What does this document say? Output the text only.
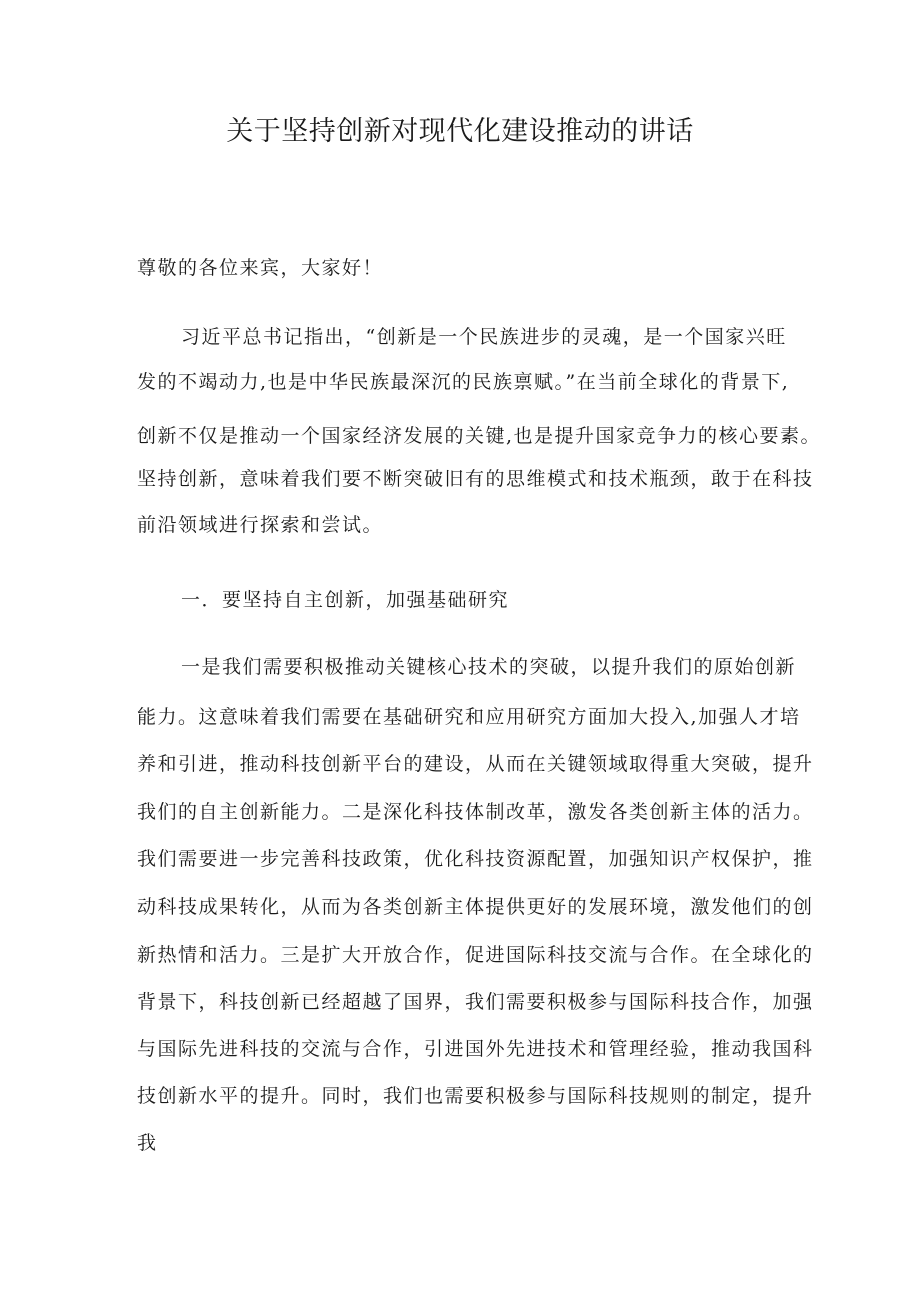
关于坚持创新对现代化建设推动的讲话

尊敬的各位来宾，大家好！

习近平总书记指出，“创新是一个民族进步的灵魂，是一个国家兴旺

发的不竭动力,也是中华民族最深沉的民族禀赋。”在当前全球化的背景下,

创新不仅是推动一个国家经济发展的关键,也是提升国家竞争力的核心要素。

坚持创新，意味着我们要不断突破旧有的思维模式和技术瓶颈，敢于在科技

前沿领域进行探索和尝试。

一．要坚持自主创新，加强基础研究

一是我们需要积极推动关键核心技术的突破，以提升我们的原始创新

能力。这意味着我们需要在基础研究和应用研究方面加大投入,加强人才培

养和引进，推动科技创新平台的建设，从而在关键领域取得重大突破，提升

我们的自主创新能力。二是深化科技体制改革，激发各类创新主体的活力。

我们需要进一步完善科技政策，优化科技资源配置，加强知识产权保护，推

动科技成果转化，从而为各类创新主体提供更好的发展环境，激发他们的创

新热情和活力。三是扩大开放合作，促进国际科技交流与合作。在全球化的

背景下，科技创新已经超越了国界，我们需要积极参与国际科技合作，加强

与国际先进科技的交流与合作，引进国外先进技术和管理经验，推动我国科

技创新水平的提升。同时，我们也需要积极参与国际科技规则的制定，提升

我
